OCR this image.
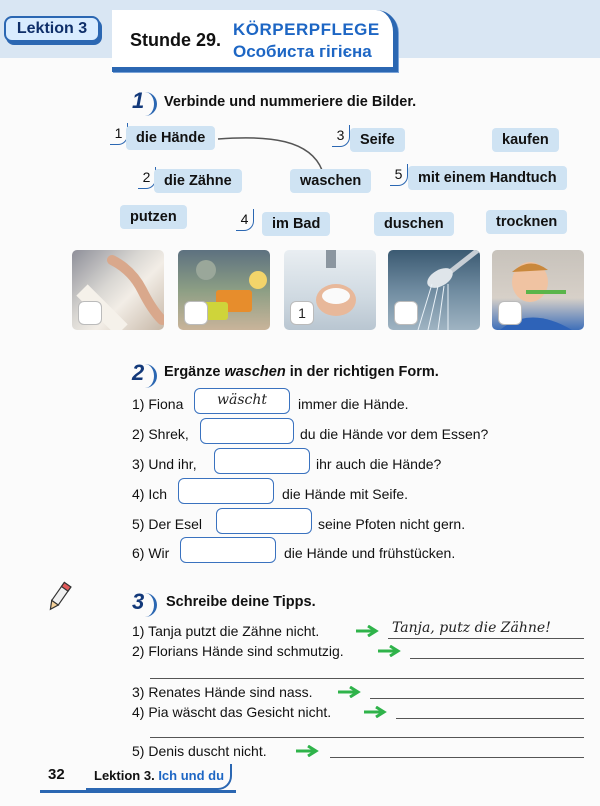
Lektion 3
Stunde 29.
KÖRPERPFLEGE
Особиста гігієна
1 Verbinde und nummeriere die Bilder.
1 die Hände	3	Seife	kaufen
2 die Zähne	waschen	5	mit einem Handtuch
putzen	4	im Bad	duschen	trocknen
1
2 Ergänze waschen in der richtigen Form.
1) Fiona	wäscht	immer die Hände.
2) Shrek,	du die Hände vor dem Essen?
3) Und ihr,	ihr auch die Hände?
4) Ich	die Hände mit Seife.
5) Der Esel	seine Pfoten nicht gern.
6) Wir	die Hände und frühstücken.
3 Schreibe deine Tipps.
1) Tanja putzt die Zähne nicht.	Tanja, putz die Zähne!
2) Florians Hände sind schmutzig.
3) Renates Hände sind nass.
4) Pia wäscht das Gesicht nicht.
5) Denis duscht nicht.
32	Lektion 3. Ich und du
